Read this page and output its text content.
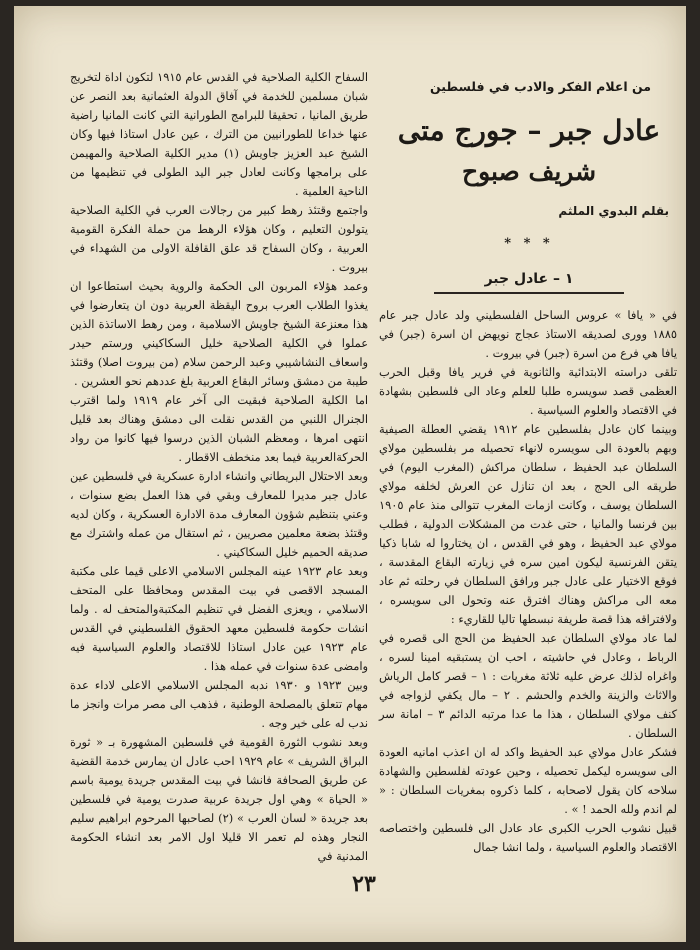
من اعلام الفكر والادب في فلسطين
عادل جبر – جورج متى
شريف صبوح
بقلم البدوي الملثم
* * *
١ – عادل جبر

في « يافا » عروس الساحل الفلسطيني ولد عادل جبر عام ١٨٨٥ وورى لصديقه الاستاذ عجاج نويهض ان اسرة (جبر) في يافا هي فرع من اسرة (جبر) في بيروت .

تلقى دراسته الابتدائية والثانوية في فرير يافا وقبل الحرب العظمى قصد سويسره طلبا للعلم وعاد الى فلسطين بشهادة في الاقتصاد والعلوم السياسية .

وبينما كان عادل بفلسطين عام ١٩١٢ يقضي العطلة الصيفية وبهم بالعودة الى سويسره لانهاء تحصيله مر بفلسطين مولاي السلطان عبد الحفيظ ، سلطان مراكش (المغرب اليوم) في طريقه الى الحج ، بعد ان تنازل عن العرش لخلفه مولاي السلطان يوسف ، وكانت ازمات المغرب تتوالى منذ عام ١٩٠٥ بين فرنسا والمانيا ، حتى غدت من المشكلات الدولية ، فطلب مولاي عبد الحفيظ ، وهو في القدس ، ان يختاروا له شابا ذكيا يتقن الفرنسية ليكون امين سره في زيارته البقاع المقدسة ، فوقع الاختيار على عادل جبر ورافق السلطان في رحلته ثم عاد معه الى مراكش وهناك افترق عنه وتحول الى سويسره ، ولافتراقه هذا قصة طريفة نبسطها تاليا للقاريء :

لما عاد مولاي السلطان عبد الحفيظ من الحج الى قصره في الرباط ، وعادل في حاشيته ، احب ان يستبقيه امينا لسره ، واغراه لذلك عرض عليه ثلاثة مغريات : ١ – قصر كامل الرياش والاثاث والزينة والخدم والحشم . ٢ – مال يكفي لزواجه في كنف مولاي السلطان ، هذا ما عدا مرتبه الدائم ٣ – امانة سر السلطان .

فشكر عادل مولاي عبد الحفيظ واكد له ان اعذب امانيه العودة الى سويسره ليكمل تحصيله ، وحين عودته لفلسطين والشهادة سلاحه كان يقول لاصحابه ، كلما ذكروه بمغريات السلطان : « لم اندم ولله الحمد ! » .

قبيل نشوب الحرب الكبرى عاد عادل الى فلسطين واختصاصه الاقتصاد والعلوم السياسية ، ولما انشا جمال

السفاح الكلية الصلاحية في القدس عام ١٩١٥ لتكون اداة لتخريج شبان مسلمين للخدمة في آفاق الدولة العثمانية بعد النصر عن طريق المانيا ، تحقيقا للبرامج الطورانية التي كانت المانيا راضية عنها خداعا للطورانيين من الترك ، عين عادل استاذا فيها وكان الشيخ عبد العزيز جاويش (١) مدير الكلية الصلاحية والمهيمن على برامجها وكانت لعادل جبر اليد الطولى في تنظيمها من الناحية العلمية .

واجتمع وقتئذ رهط كبير من رجالات العرب في الكلية الصلاحية يتولون التعليم ، وكان هؤلاء الرهط من حملة الفكرة القومية العربية ، وكان السفاح قد علق القافلة الاولى من الشهداء في بيروت .

وعمد هؤلاء المربون الى الحكمة والروية بحيث استطاعوا ان يغذوا الطلاب العرب بروح اليقظة العربية دون ان يتعارضوا في هذا معنزعة الشيخ جاويش الاسلامية ، ومن رهط الاساتذة الذين عملوا في الكلية الصلاحية خليل السكاكيني ورستم حيدر واسعاف النشاشيبي وعبد الرحمن سلام (من بيروت اصلا) وقتئذ طيبة من دمشق وسائر البقاع العربية بلغ عددهم نحو العشرين .

اما الكلية الصلاحية فبقيت الى آخر عام ١٩١٩ ولما اقترب الجنرال اللنبي من القدس نقلت الى دمشق وهناك بعد قليل انتهى امرها ، ومعظم الشبان الذين درسوا فيها كانوا من رواد الحركةالعربية فيما بعد منخطف الاقطار .

وبعد الاحتلال البريطاني وانشاء ادارة عسكرية في فلسطين عين عادل جبر مديرا للمعارف وبقي في هذا العمل بضع سنوات ، وعني بتنظيم شؤون المعارف مدة الادارة العسكرية ، وكان لديه وقتئذ بضعة معلمين مصريين ، ثم استقال من عمله واشترك مع صديقه الحميم خليل السكاكيني .

وبعد عام ١٩٢٣ عينه المجلس الاسلامي الاعلى قيما على مكتبة المسجد الاقصى في بيت المقدس ومحافظا على المتحف الاسلامي ، ويعزى الفضل في تنظيم المكتبةوالمتحف له . ولما انشات حكومة فلسطين معهد الحقوق الفلسطيني في القدس عام ١٩٢٣ عين عادل استاذا للاقتصاد والعلوم السياسية فيه وامضى عدة سنوات في عمله هذا .

وبين ١٩٢٣ و ١٩٣٠ ندبه المجلس الاسلامي الاعلى لاداء عدة مهام تتعلق بالمصلحة الوطنية ، فذهب الى مصر مرات وانجز ما ندب له على خير وجه .

وبعد نشوب الثورة القومية في فلسطين المشهورة بـ « ثورة البراق الشريف » عام ١٩٢٩ احب عادل ان يمارس خدمة القضية عن طريق الصحافة فانشا في بيت المقدس جريدة يومية باسم « الحياة » وهي اول جريدة عربية صدرت يومية في فلسطين بعد جريدة « لسان العرب » (٢) لصاحبها المرحوم ابراهيم سليم النجار وهذه لم تعمر الا قليلا اول الامر بعد انشاء الحكومة المدنية في

٢٣
